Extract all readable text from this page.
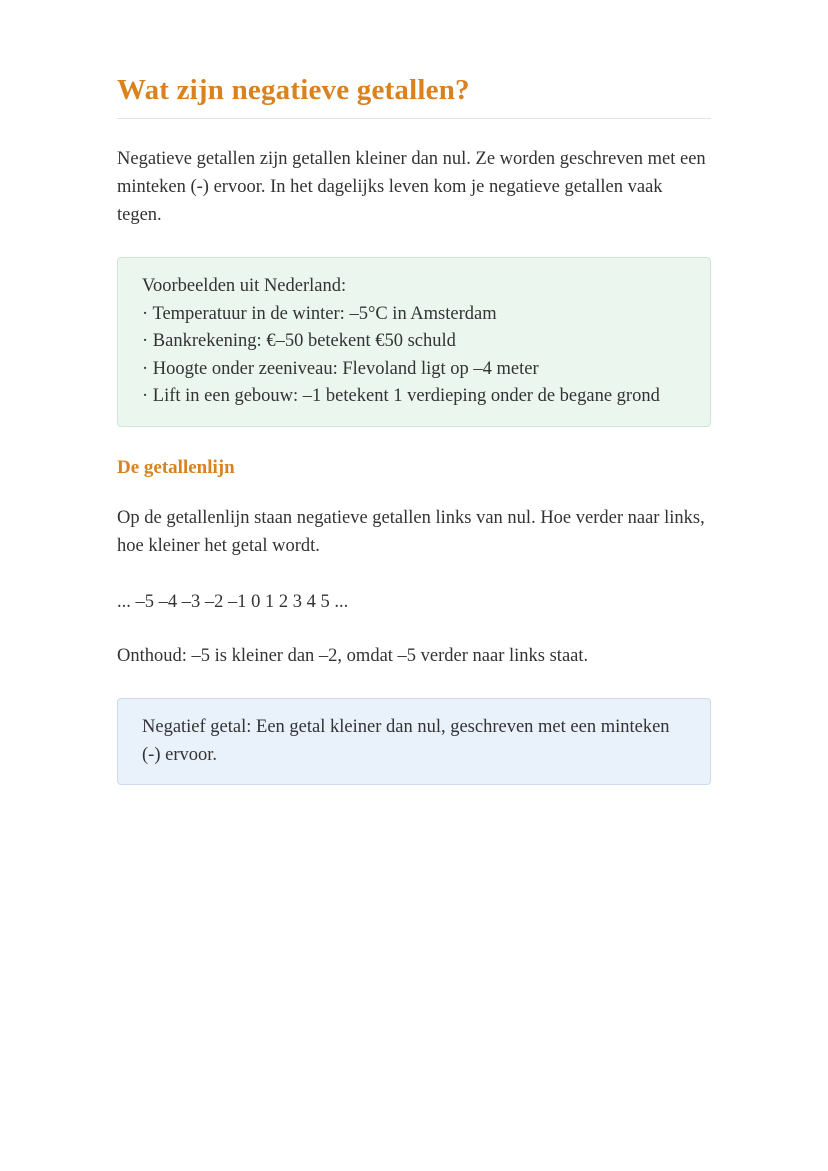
Wat zijn negatieve getallen?

Negatieve getallen zijn getallen kleiner dan nul. Ze worden geschreven met een minteken (-) ervoor. In het dagelijks leven kom je negatieve getallen vaak tegen.

Voorbeelden uit Nederland:

· Temperatuur in de winter: –5°C in Amsterdam

· Bankrekening: €–50 betekent €50 schuld

· Hoogte onder zeeniveau: Flevoland ligt op –4 meter

· Lift in een gebouw: –1 betekent 1 verdieping onder de begane grond

De getallenlijn

Op de getallenlijn staan negatieve getallen links van nul. Hoe verder naar links, hoe kleiner het getal wordt.

... –5 –4 –3 –2 –1 0 1 2 3 4 5 ...

Onthoud: –5 is kleiner dan –2, omdat –5 verder naar links staat.

Negatief getal: Een getal kleiner dan nul, geschreven met een minteken (-) ervoor.
